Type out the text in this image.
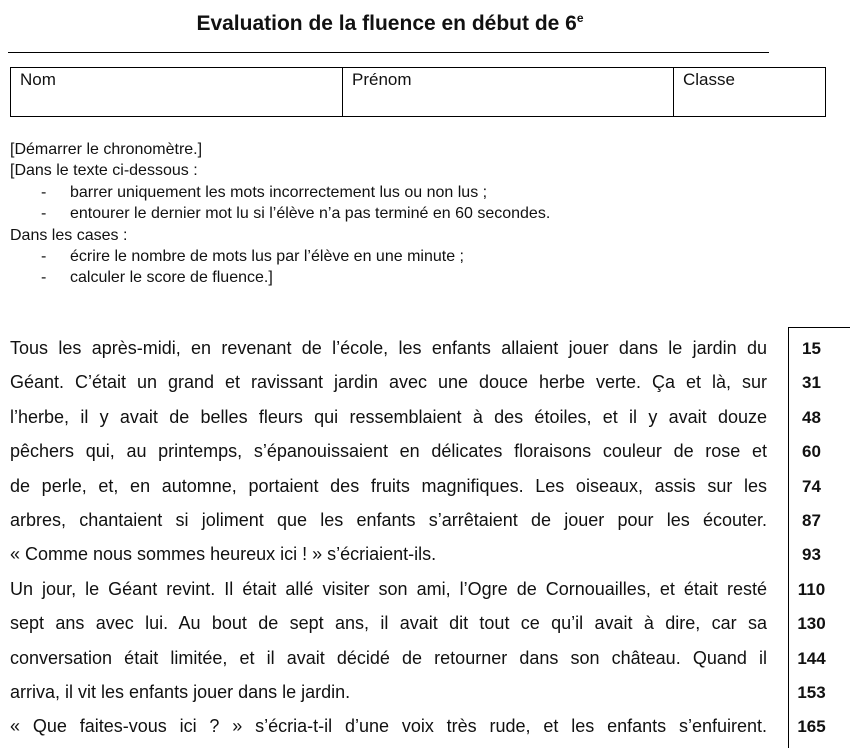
Evaluation de la fluence en début de 6e
Nom	Prénom	Classe
[Démarrer le chronomètre.]
[Dans le texte ci-dessous :
- barrer uniquement les mots incorrectement lus ou non lus ;
- entourer le dernier mot lu si l’élève n’a pas terminé en 60 secondes.
Dans les cases :
- écrire le nombre de mots lus par l’élève en une minute ;
- calculer le score de fluence.]
Tous les après-midi, en revenant de l’école, les enfants allaient jouer dans le jardin du
Géant. C’était un grand et ravissant jardin avec une douce herbe verte. Ça et là, sur
l’herbe, il y avait de belles fleurs qui ressemblaient à des étoiles, et il y avait douze
pêchers qui, au printemps, s’épanouissaient en délicates floraisons couleur de rose et
de perle, et, en automne, portaient des fruits magnifiques. Les oiseaux, assis sur les
arbres, chantaient si joliment que les enfants s’arrêtaient de jouer pour les écouter.
« Comme nous sommes heureux ici ! » s’écriaient-ils.
Un jour, le Géant revint. Il était allé visiter son ami, l’Ogre de Cornouailles, et était resté
sept ans avec lui. Au bout de sept ans, il avait dit tout ce qu’il avait à dire, car sa
conversation était limitée, et il avait décidé de retourner dans son château. Quand il
arriva, il vit les enfants jouer dans le jardin.
« Que faites-vous ici ? » s’écria-t-il d’une voix très rude, et les enfants s’enfuirent.
15
31
48
60
74
87
93
110
130
144
153
165
